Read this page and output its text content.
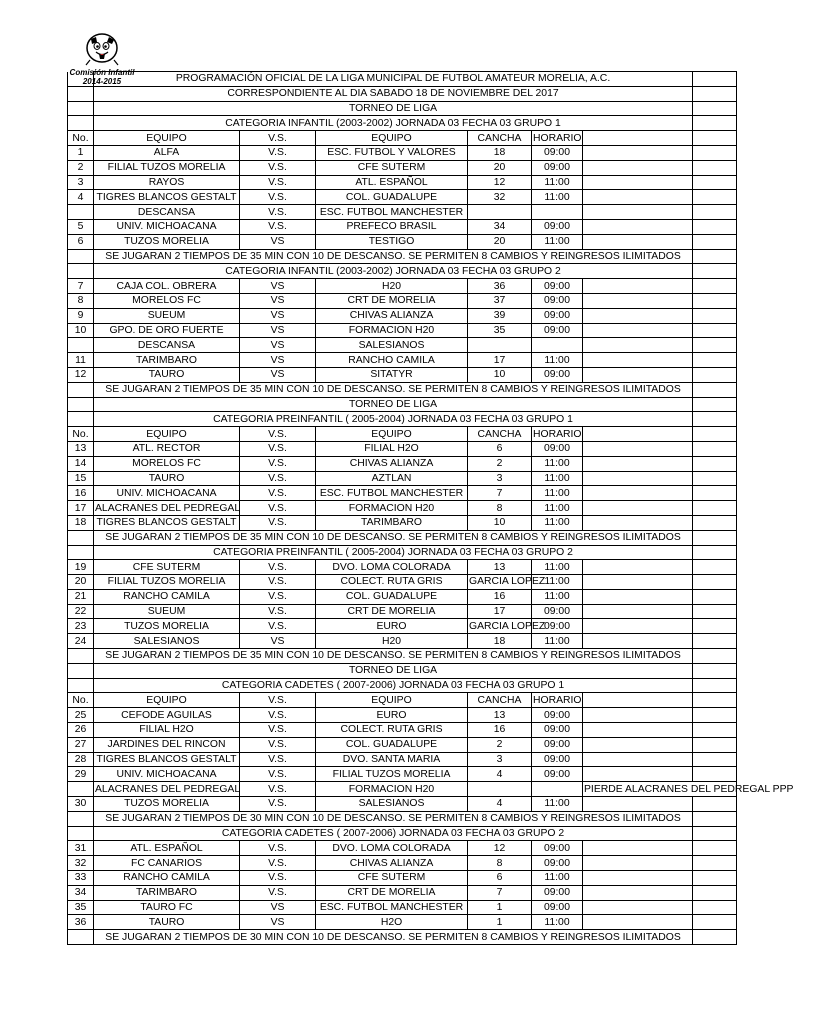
Comisión Infantil
2014-2015
		PROGRAMACIÓN OFICIAL DE LA LIGA MUNICIPAL DE FUTBOL AMATEUR MORELIA, A.C.						
	CORRESPONDIENTE AL DIA SABADO 18 DE NOVIEMBRE DEL 2017						
	TORNEO DE LIGA						
	CATEGORIA INFANTIL (2003-2002) JORNADA 03 FECHA 03 GRUPO 1						
No.	EQUIPO	V.S.	EQUIPO	CANCHA	HORARIO		
1	ALFA	V.S.	ESC. FUTBOL Y VALORES	18	09:00		
2	FILIAL TUZOS MORELIA	V.S.	CFE SUTERM	20	09:00		
3	RAYOS	V.S.	ATL. ESPAÑOL	12	11:00		
4	TIGRES BLANCOS GESTALT	V.S.	COL. GUADALUPE	32	11:00		
	DESCANSA	V.S.	ESC. FUTBOL MANCHESTER				
5	UNIV. MICHOACANA	V.S.	PREFECO BRASIL	34	09:00		
6	TUZOS MORELIA	VS	TESTIGO	20	11:00		
	SE JUGARAN 2 TIEMPOS DE 35 MIN CON 10 DE DESCANSO. SE PERMITEN 8 CAMBIOS Y REINGRESOS ILIMITADOS						
	CATEGORIA INFANTIL (2003-2002) JORNADA 03 FECHA 03 GRUPO 2						
7	CAJA COL. OBRERA	VS	H20	36	09:00		
8	MORELOS FC	VS	CRT DE MORELIA	37	09:00		
9	SUEUM	VS	CHIVAS ALIANZA	39	09:00		
10	GPO. DE ORO FUERTE	VS	FORMACION H20	35	09:00		
	DESCANSA	VS	SALESIANOS				
11	TARIMBARO	VS	RANCHO CAMILA	17	11:00		
12	TAURO	VS	SITATYR	10	09:00		
	SE JUGARAN 2 TIEMPOS DE 35 MIN CON 10 DE DESCANSO. SE PERMITEN 8 CAMBIOS Y REINGRESOS ILIMITADOS						
	TORNEO DE LIGA						
	CATEGORIA PREINFANTIL ( 2005-2004) JORNADA 03 FECHA 03 GRUPO 1						
No.	EQUIPO	V.S.	EQUIPO	CANCHA	HORARIO		
13	ATL. RECTOR	V.S.	FILIAL H2O	6	09:00		
14	MORELOS FC	V.S.	CHIVAS ALIANZA	2	11:00		
15	TAURO	V.S.	AZTLAN	3	11:00		
16	UNIV. MICHOACANA	V.S.	ESC. FUTBOL MANCHESTER	7	11:00		
17	ALACRANES DEL PEDREGAL	V.S.	FORMACION H20	8	11:00		
18	TIGRES BLANCOS GESTALT	V.S.	TARIMBARO	10	11:00		
	SE JUGARAN 2 TIEMPOS DE 35 MIN CON 10 DE DESCANSO. SE PERMITEN 8 CAMBIOS Y REINGRESOS ILIMITADOS						
	CATEGORIA PREINFANTIL ( 2005-2004) JORNADA 03 FECHA 03 GRUPO 2						
19	CFE SUTERM	V.S.	DVO. LOMA COLORADA	13	11:00		
20	FILIAL TUZOS MORELIA	V.S.	COLECT. RUTA GRIS	GARCIA LOPEZ	11:00		
21	RANCHO CAMILA	V.S.	COL. GUADALUPE	16	11:00		
22	SUEUM	V.S.	CRT DE MORELIA	17	09:00		
23	TUZOS MORELIA	V.S.	EURO	GARCIA LOPEZ	09:00		
24	SALESIANOS	VS	H20	18	11:00		
	SE JUGARAN 2 TIEMPOS DE 35 MIN CON 10 DE DESCANSO. SE PERMITEN 8 CAMBIOS Y REINGRESOS ILIMITADOS						
	TORNEO DE LIGA						
	CATEGORIA CADETES ( 2007-2006) JORNADA 03 FECHA 03 GRUPO 1						
No.	EQUIPO	V.S.	EQUIPO	CANCHA	HORARIO		
25	CEFODE AGUILAS	V.S.	EURO	13	09:00		
26	FILIAL H2O	V.S.	COLECT. RUTA GRIS	16	09:00		
27	JARDINES DEL RINCON	V.S.	COL. GUADALUPE	2	09:00		
28	TIGRES BLANCOS GESTALT	V.S.	DVO. SANTA MARIA	3	09:00		
29	UNIV. MICHOACANA	V.S.	FILIAL TUZOS MORELIA	4	09:00		
	ALACRANES DEL PEDREGAL	V.S.	FORMACION H20			PIERDE ALACRANES DEL PEDREGAL PPP	
30	TUZOS MORELIA	V.S.	SALESIANOS	4	11:00		
	SE JUGARAN 2 TIEMPOS DE 30 MIN CON 10 DE DESCANSO. SE PERMITEN 8 CAMBIOS Y REINGRESOS ILIMITADOS						
	CATEGORIA CADETES ( 2007-2006) JORNADA 03 FECHA 03 GRUPO 2						
31	ATL. ESPAÑOL	V.S.	DVO. LOMA COLORADA	12	09:00		
32	FC CANARIOS	V.S.	CHIVAS ALIANZA	8	09:00		
33	RANCHO CAMILA	V.S.	CFE SUTERM	6	11:00		
34	TARIMBARO	V.S.	CRT DE MORELIA	7	09:00		
35	TAURO FC	VS	ESC. FUTBOL MANCHESTER	1	09:00		
36	TAURO	VS	H2O	1	11:00		
	SE JUGARAN 2 TIEMPOS DE 30 MIN CON 10 DE DESCANSO. SE PERMITEN 8 CAMBIOS Y REINGRESOS ILIMITADOS						
